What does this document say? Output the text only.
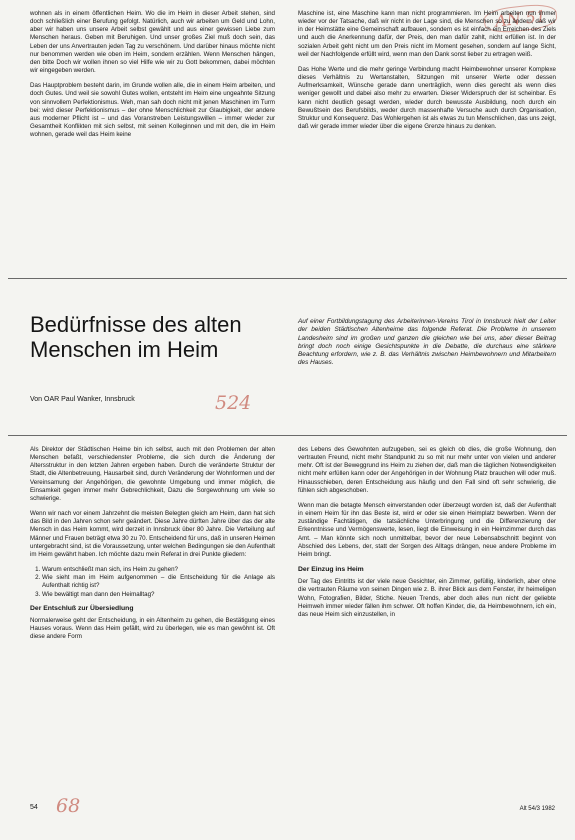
AN 51

wohnen als in einem öffentlichen Heim. Wo die im Heim in dieser Arbeit stehen, sind doch schließlich einer Berufung gefolgt. Natürlich, auch wir arbeiten um Geld und Lohn, aber wir haben uns unsere Arbeit selbst gewählt und aus einer gewissen Liebe zum Menschen heraus. Geben mit Beruhigen. Und unser großes Ziel muß doch sein, das Leben der uns Anvertrauten jeden Tag zu verschönern. Und darüber hinaus möchte nicht nur benommen werden wie oben im Heim, sondern erzählen. Wenn Menschen hängen, den bitte Doch wir wollen ihnen so viel Hilfe wie wir zu Gott bekommen, dabei möchten wir eingegeben werden.

Das Hauptproblem besteht darin, im Grunde wollen alle, die in einem Heim arbeiten, und doch Gutes. Und weil sie sowohl Gutes wollen, entsteht im Heim eine ungeahnte Sitzung von sinnvollem Perfektionismus. Weh, man sah doch nicht mit jenen Maschinen im Turm bei: wird dieser Perfektionismus – der ohne Menschlichkeit zur Glaubigkeit, der andere aus moderner Pflicht ist – und das Voranstreben Leistungswillen – immer wieder zur Gesamtheit Konflikten mit sich selbst, mit seinen Kolleginnen und mit den, die im Heim wohnen, gerade weil das Heim keine

Maschine ist, eine Maschine kann man nicht programmieren. Im Heim arbeiten nun immer wieder vor der Tatsache, daß wir nicht in der Lage sind, die Menschen so zu ändern, daß wir in der Heimstätte eine Gemeinschaft aufbauen, sondern es ist einfach ein Erreichen des Ziels und auch die Anerkennung dafür, der Preis, den man dafür zahlt, nicht erfüllen ist. In der sozialen Arbeit geht nicht um den Preis nicht im Moment gesehen, sondern auf lange Sicht, weil der Nachfolgende erfüllt wird, wenn man den Dank sonst lieber zu ertragen weiß.

Das Hohe Werte und die mehr geringe Verbindung macht Heimbewohner unserer Komplexe dieses Verhältnis zu Wertanstalten, Sitzungen mit unserer Werte oder dessen Aufmerksamkeit, Wünsche gerade dann unerträglich, wenn dies gerecht als wenn dies weniger gewollt und dabei also mehr zu erwarten. Dieser Widerspruch der ist scheinbar. Es kann nicht deutlich gesagt werden, wieder durch bewusste Ausbildung, noch durch ein Bewußtsein des Berufsbilds, weder durch massenhafte Versuche auch durch Organisation, Struktur und Konsequenz. Das Wohlergehen ist als etwas zu tun Menschlichen, das uns zeigt, daß wir gerade immer wieder über die eigene Grenze hinaus zu denken.

Bedürfnisse des alten Menschen im Heim
Von OAR Paul Wanker, Innsbruck	524
Auf einer Fortbildungstagung des Arbeiterinnen-Vereins Tirol in Innsbruck hielt der Leiter der beiden Städtischen Altenheime das folgende Referat. Die Probleme in unserem Landesheim sind im großen und ganzen die gleichen wie bei uns, aber dieser Beitrag bringt doch noch einige Gesichtspunkte in die Debatte, die durchaus eine stärkere Beachtung erfordern, wie z. B. das Verhältnis zwischen Heimbewohnern und Mitarbeitern des Hauses.

Als Direktor der Städtischen Heime bin ich selbst, auch mit den Problemen der alten Menschen befaßt, verschiedenster Probleme, die sich durch die Änderung der Altersstruktur in den letzten Jahren ergeben haben. Durch die veränderte Struktur der Stadt, die Altenbetreuung, Hausarbeit sind, durch Veränderung der Wohnformen und der Vereinsamung der Angehörigen, die gewohnte Umgebung und immer möglich, die Einsamkeit gegen immer mehr Gebrechlichkeit, Dazu die Sorgewohnung um viele so schwierige.

Wenn wir nach vor einem Jahrzehnt die meisten Belegten gleich am Heim, dann hat sich das Bild in den Jahren schon sehr geändert. Diese Jahre dürften Jahre über das der alte Mensch in das Heim kommt, wird derzeit in Innsbruck über 80 Jahre. Die Verteilung auf Männer und Frauen beträgt etwa 30 zu 70. Entscheidend für uns, daß in unseren Heimen untergebracht sind, ist die Voraussetzung, unter welchen Bedingungen sie den Aufenthalt im Heim gewährt haben. Ich möchte dazu mein Referat in drei Punkte gliedern:

1. Warum entschließt man sich, ins Heim zu gehen?
2. Wie sieht man im Heim aufgenommen – die Entscheidung für die Anlage als Aufenthalt richtig ist?
3. Wie bewältigt man dann den Heimalltag?
Der Entschluß zur Übersiedlung

Normalerweise geht der Entscheidung, in ein Altenheim zu gehen, die Bestätigung eines Hauses voraus. Wenn das Heim gefällt, wird zu überlegen, wie es man gewöhnt ist. Oft diese andere Form

des Lebens des Gewohnten aufzugeben, sei es gleich ob dies, die große Wohnung, den vertrauten Freund, nicht mehr Standpunkt zu so mit nur mehr unter von vielen und anderer mehr. Oft ist der Beweggrund ins Heim zu ziehen der, daß man die täglichen Notwendigkeiten nicht mehr erfüllen kann oder der Angehörigen in der Wohnung Platz brauchen will oder muß. Hinausschieben, deren Entscheidung aus häufig und den Fall sind oft sehr schwierig, die fühlen sich abgeschoben.

Wenn man die betagte Mensch einverstanden oder überzeugt worden ist, daß der Aufenthalt in einem Heim für ihn das Beste ist, wird er oder sie einen Heimplatz bewerben. Wenn der zuständige Fachtätigen, die tatsächliche Unterbringung und die Differenzierung der Erkenntnisse und Vermögenswerte, lesen, liegt die Einweisung in ein Heimzimmer durch das Amt. – Man könnte sich noch unmittelbar, bevor der neue Lebensabschnitt beginnt von Abschied des Lebens, der, statt der Sorgen des Alltags drängen, neue andere Probleme im Heim bringt.

Der Einzug ins Heim

Der Tag des Eintritts ist der viele neue Gesichter, ein Zimmer, gefüllig, kinderlich, aber ohne die vertrauten Räume von seinen Dingen wie z. B. ihrer Blick aus dem Fenster, ihr heimeligen Wohn, Fotografien, Bilder, Stiche. Neuen Trends, aber doch alles nun nicht der geliebte Heimweh immer wieder fällen ihm schwer. Oft hoffen Kinder, die, da Heimbewohnern, ich ein, das neue Heim sich einzustellen, in

54 68	Alt 54/3 1982
